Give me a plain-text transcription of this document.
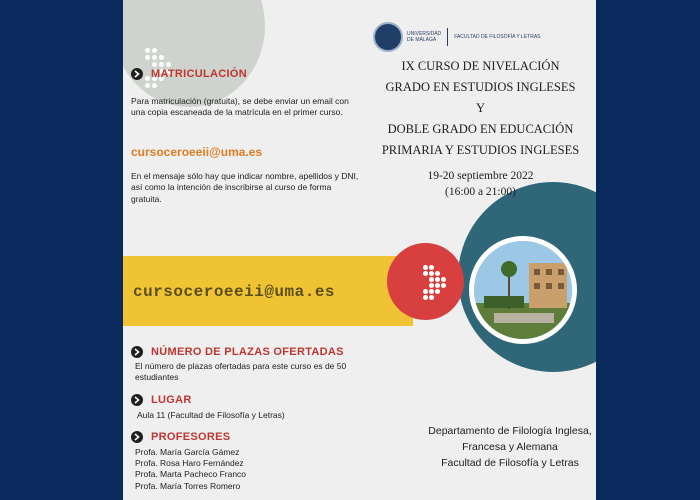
UNIVERSIDAD
DE MÁLAGA	FACULTAD DE FILOSOFÍA Y LETRAS
IX CURSO DE NIVELACIÓN
GRADO EN ESTUDIOS INGLESES
Y
DOBLE GRADO EN EDUCACIÓN
PRIMARIA Y ESTUDIOS INGLESES
19-20 septiembre 2022
(16:00 a 21:00)
MATRICULACIÓN
Para matriculación (gratuita), se debe enviar un email con una copia escaneada de la matrícula en el primer curso.
cursoceroeeii@uma.es
En el mensaje sólo hay que indicar nombre, apellidos y DNI, así como la intención de inscribirse al curso de forma gratuita.
cursoceroeeii@uma.es
NÚMERO DE PLAZAS OFERTADAS
El número de plazas ofertadas para este curso es de 50 estudiantes
LUGAR
Aula 11 (Facultad de Filosofía y Letras)
PROFESORES
Profa. María García Gámez
Profa. Rosa Haro Fernández
Profa. Marta Pacheco Franco
Profa. María Torres Romero
Departamento de Filología Inglesa,
Francesa y Alemana
Facultad de Filosofía y Letras
